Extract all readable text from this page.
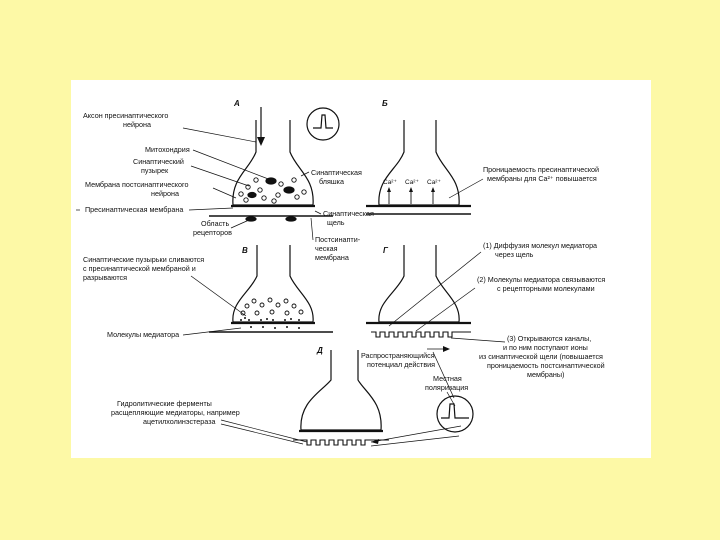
А
Аксон пресинаптического
нейрона
Митохондрия
Синаптический
пузырек
Мембрана постсинаптического
нейрона
Пресинаптическая мембрана
Область
рецепторов
Синаптическая
бляшка
Синаптическая
щель
Постсинапти-
ческая
мембрана
Б
Ca²⁺ Ca²⁺ Ca²⁺
Проницаемость пресинаптической
мембраны для Ca²⁺ повышается
В
Синаптические пузырьки сливаются
с пресинаптической мембраной и
разрываются
Молекулы медиатора
Г
(1) Диффузия молекул медиатора
через щель
(2) Молекулы медиатора связываются
с рецепторными молекулами
(3) Открываются каналы,
и по ним поступают ионы
из синаптической щели (повышается
проницаемость постсинаптической
мембраны)
Д
Распространяющийся
потенциал действия
Местная
поляризация
Гидролитические ферменты
расщепляющие медиаторы, например
ацетилхолинэстераза
